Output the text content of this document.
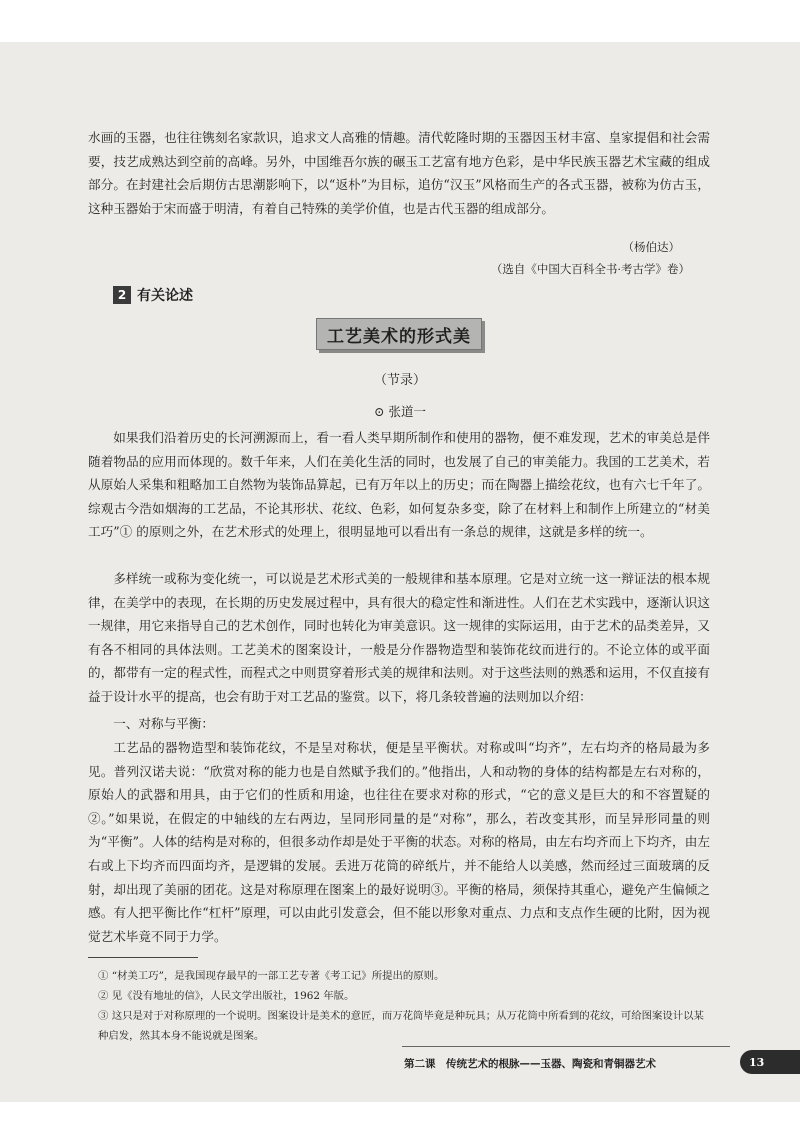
水画的玉器，也往往镌刻名家款识，追求文人高雅的情趣。清代乾隆时期的玉器因玉材丰富、皇家提倡和社会需要，技艺成熟达到空前的高峰。另外，中国维吾尔族的碾玉工艺富有地方色彩，是中华民族玉器艺术宝藏的组成部分。在封建社会后期仿古思潮影响下，以“返朴”为目标，追仿“汉玉”风格而生产的各式玉器，被称为仿古玉，这种玉器始于宋而盛于明清，有着自己特殊的美学价值，也是古代玉器的组成部分。

（杨伯达）
（选自《中国大百科全书·考古学》卷）
2 有关论述
工艺美术的形式美
（节录）
⊙ 张道一

如果我们沿着历史的长河溯源而上，看一看人类早期所制作和使用的器物，便不难发现，艺术的审美总是伴随着物品的应用而体现的。数千年来，人们在美化生活的同时，也发展了自己的审美能力。我国的工艺美术，若从原始人采集和粗略加工自然物为装饰品算起，已有万年以上的历史；而在陶器上描绘花纹，也有六七千年了。综观古今浩如烟海的工艺品，不论其形状、花纹、色彩，如何复杂多变，除了在材料上和制作上所建立的“材美工巧”① 的原则之外，在艺术形式的处理上，很明显地可以看出有一条总的规律，这就是多样的统一。

多样统一或称为变化统一，可以说是艺术形式美的一般规律和基本原理。它是对立统一这一辩证法的根本规律，在美学中的表现，在长期的历史发展过程中，具有很大的稳定性和渐进性。人们在艺术实践中，逐渐认识这一规律，用它来指导自己的艺术创作，同时也转化为审美意识。这一规律的实际运用，由于艺术的品类差异，又有各不相同的具体法则。工艺美术的图案设计，一般是分作器物造型和装饰花纹而进行的。不论立体的或平面的，都带有一定的程式性，而程式之中则贯穿着形式美的规律和法则。对于这些法则的熟悉和运用，不仅直接有益于设计水平的提高，也会有助于对工艺品的鉴赏。以下，将几条较普遍的法则加以介绍：

一、对称与平衡：

工艺品的器物造型和装饰花纹，不是呈对称状，便是呈平衡状。对称或叫“均齐”，左右均齐的格局最为多见。普列汉诺夫说：“欣赏对称的能力也是自然赋予我们的。”他指出，人和动物的身体的结构都是左右对称的，原始人的武器和用具，由于它们的性质和用途，也往往在要求对称的形式，“它的意义是巨大的和不容置疑的②。”如果说，在假定的中轴线的左右两边，呈同形同量的是“对称”，那么，若改变其形，而呈异形同量的则为“平衡”。人体的结构是对称的，但很多动作却是处于平衡的状态。对称的格局，由左右均齐而上下均齐，由左右或上下均齐而四面均齐，是逻辑的发展。丢进万花筒的碎纸片，并不能给人以美感，然而经过三面玻璃的反射，却出现了美丽的团花。这是对称原理在图案上的最好说明③。平衡的格局，须保持其重心，避免产生偏倾之感。有人把平衡比作“杠杆”原理，可以由此引发意会，但不能以形象对重点、力点和支点作生硬的比附，因为视觉艺术毕竟不同于力学。

① “材美工巧”，是我国现存最早的一部工艺专著《考工记》所提出的原则。

② 见《没有地址的信》，人民文学出版社，1962 年版。

③ 这只是对于对称原理的一个说明。图案设计是美术的意匠，而万花筒毕竟是种玩具；从万花筒中所看到的花纹，可给图案设计以某种启发，然其本身不能说就是图案。

第二课　传统艺术的根脉——玉器、陶瓷和青铜器艺术	13
